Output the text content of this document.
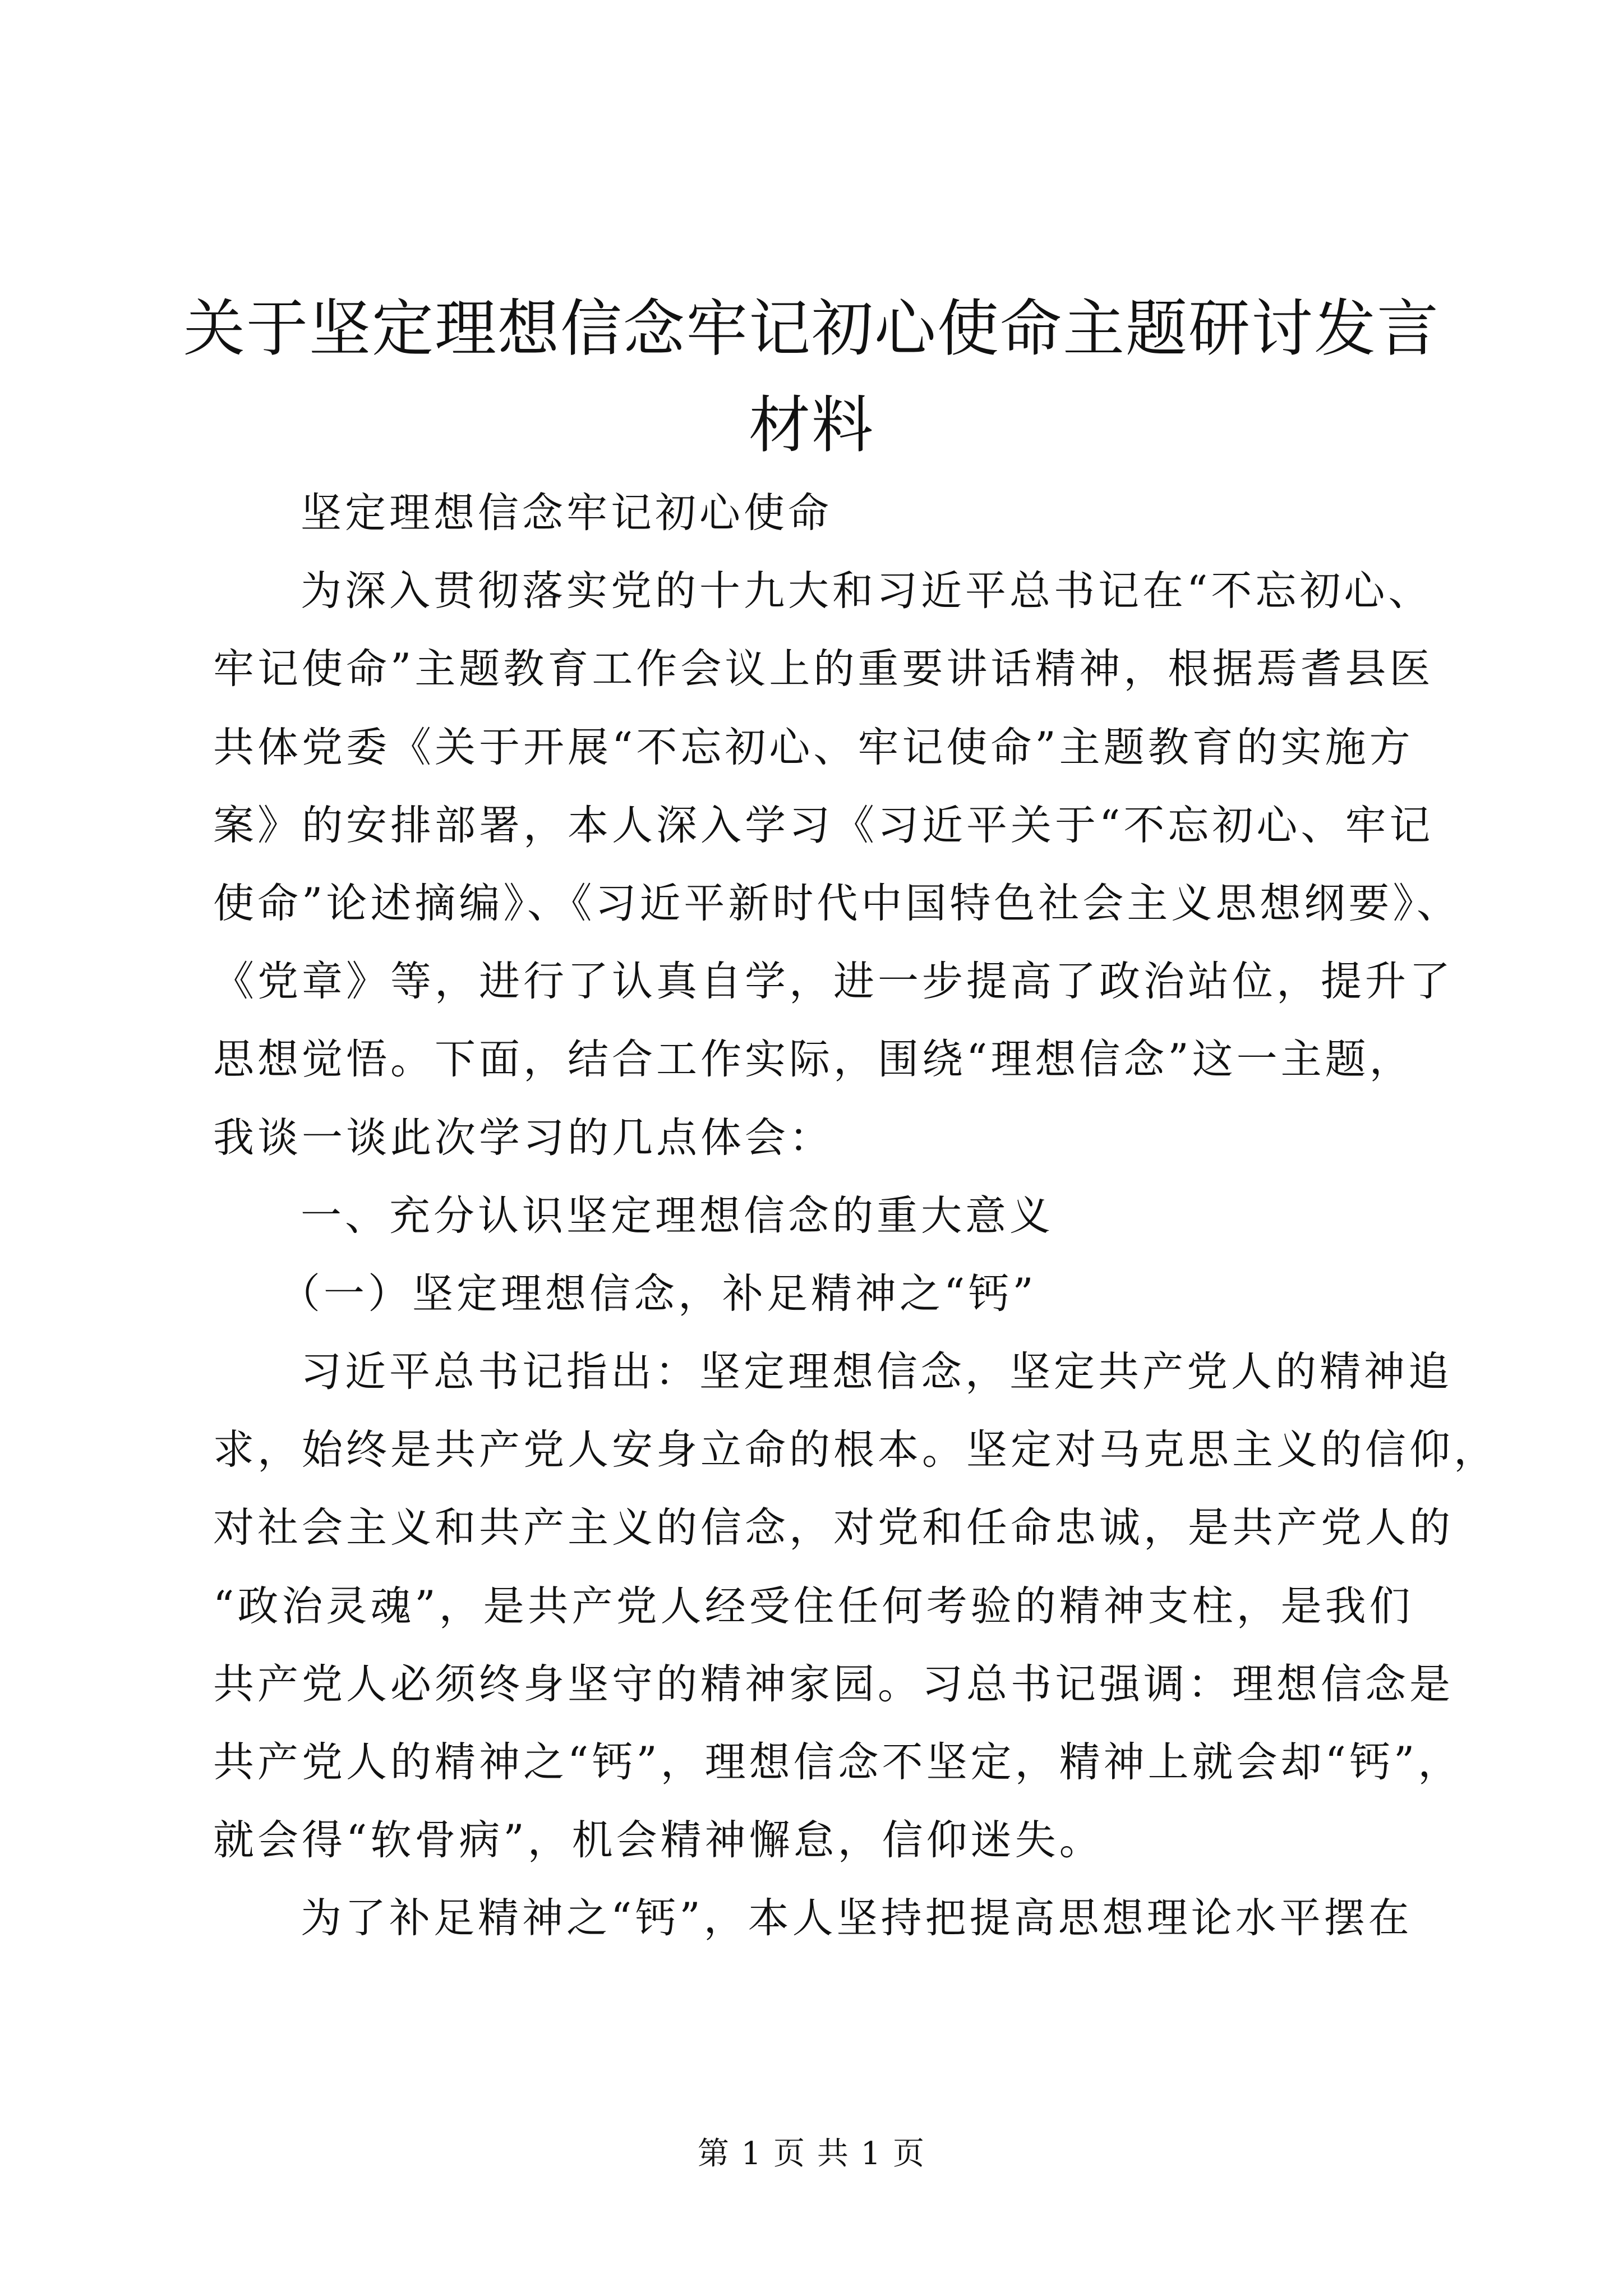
关于坚定理想信念牢记初心使命主题研讨发言
材料
坚定理想信念牢记初心使命
为深入贯彻落实党的十九大和习近平总书记在“不忘初心、
牢记使命”主题教育工作会议上的重要讲话精神，根据焉耆县医
共体党委《关于开展“不忘初心、牢记使命”主题教育的实施方
案》的安排部署，本人深入学习《习近平关于“不忘初心、牢记
使命”论述摘编》、《习近平新时代中国特色社会主义思想纲要》、
《党章》等，进行了认真自学，进一步提高了政治站位，提升了
思想觉悟。下面，结合工作实际，围绕“理想信念”这一主题，
我谈一谈此次学习的几点体会：
一、充分认识坚定理想信念的重大意义
（一）坚定理想信念，补足精神之“钙”
习近平总书记指出：坚定理想信念，坚定共产党人的精神追
求，始终是共产党人安身立命的根本。坚定对马克思主义的信仰，
对社会主义和共产主义的信念，对党和任命忠诚，是共产党人的
“政治灵魂”，是共产党人经受住任何考验的精神支柱，是我们
共产党人必须终身坚守的精神家园。习总书记强调：理想信念是
共产党人的精神之“钙”，理想信念不坚定，精神上就会却“钙”，
就会得“软骨病”，机会精神懈怠，信仰迷失。
为了补足精神之“钙”，本人坚持把提高思想理论水平摆在
第 1 页 共 1 页
